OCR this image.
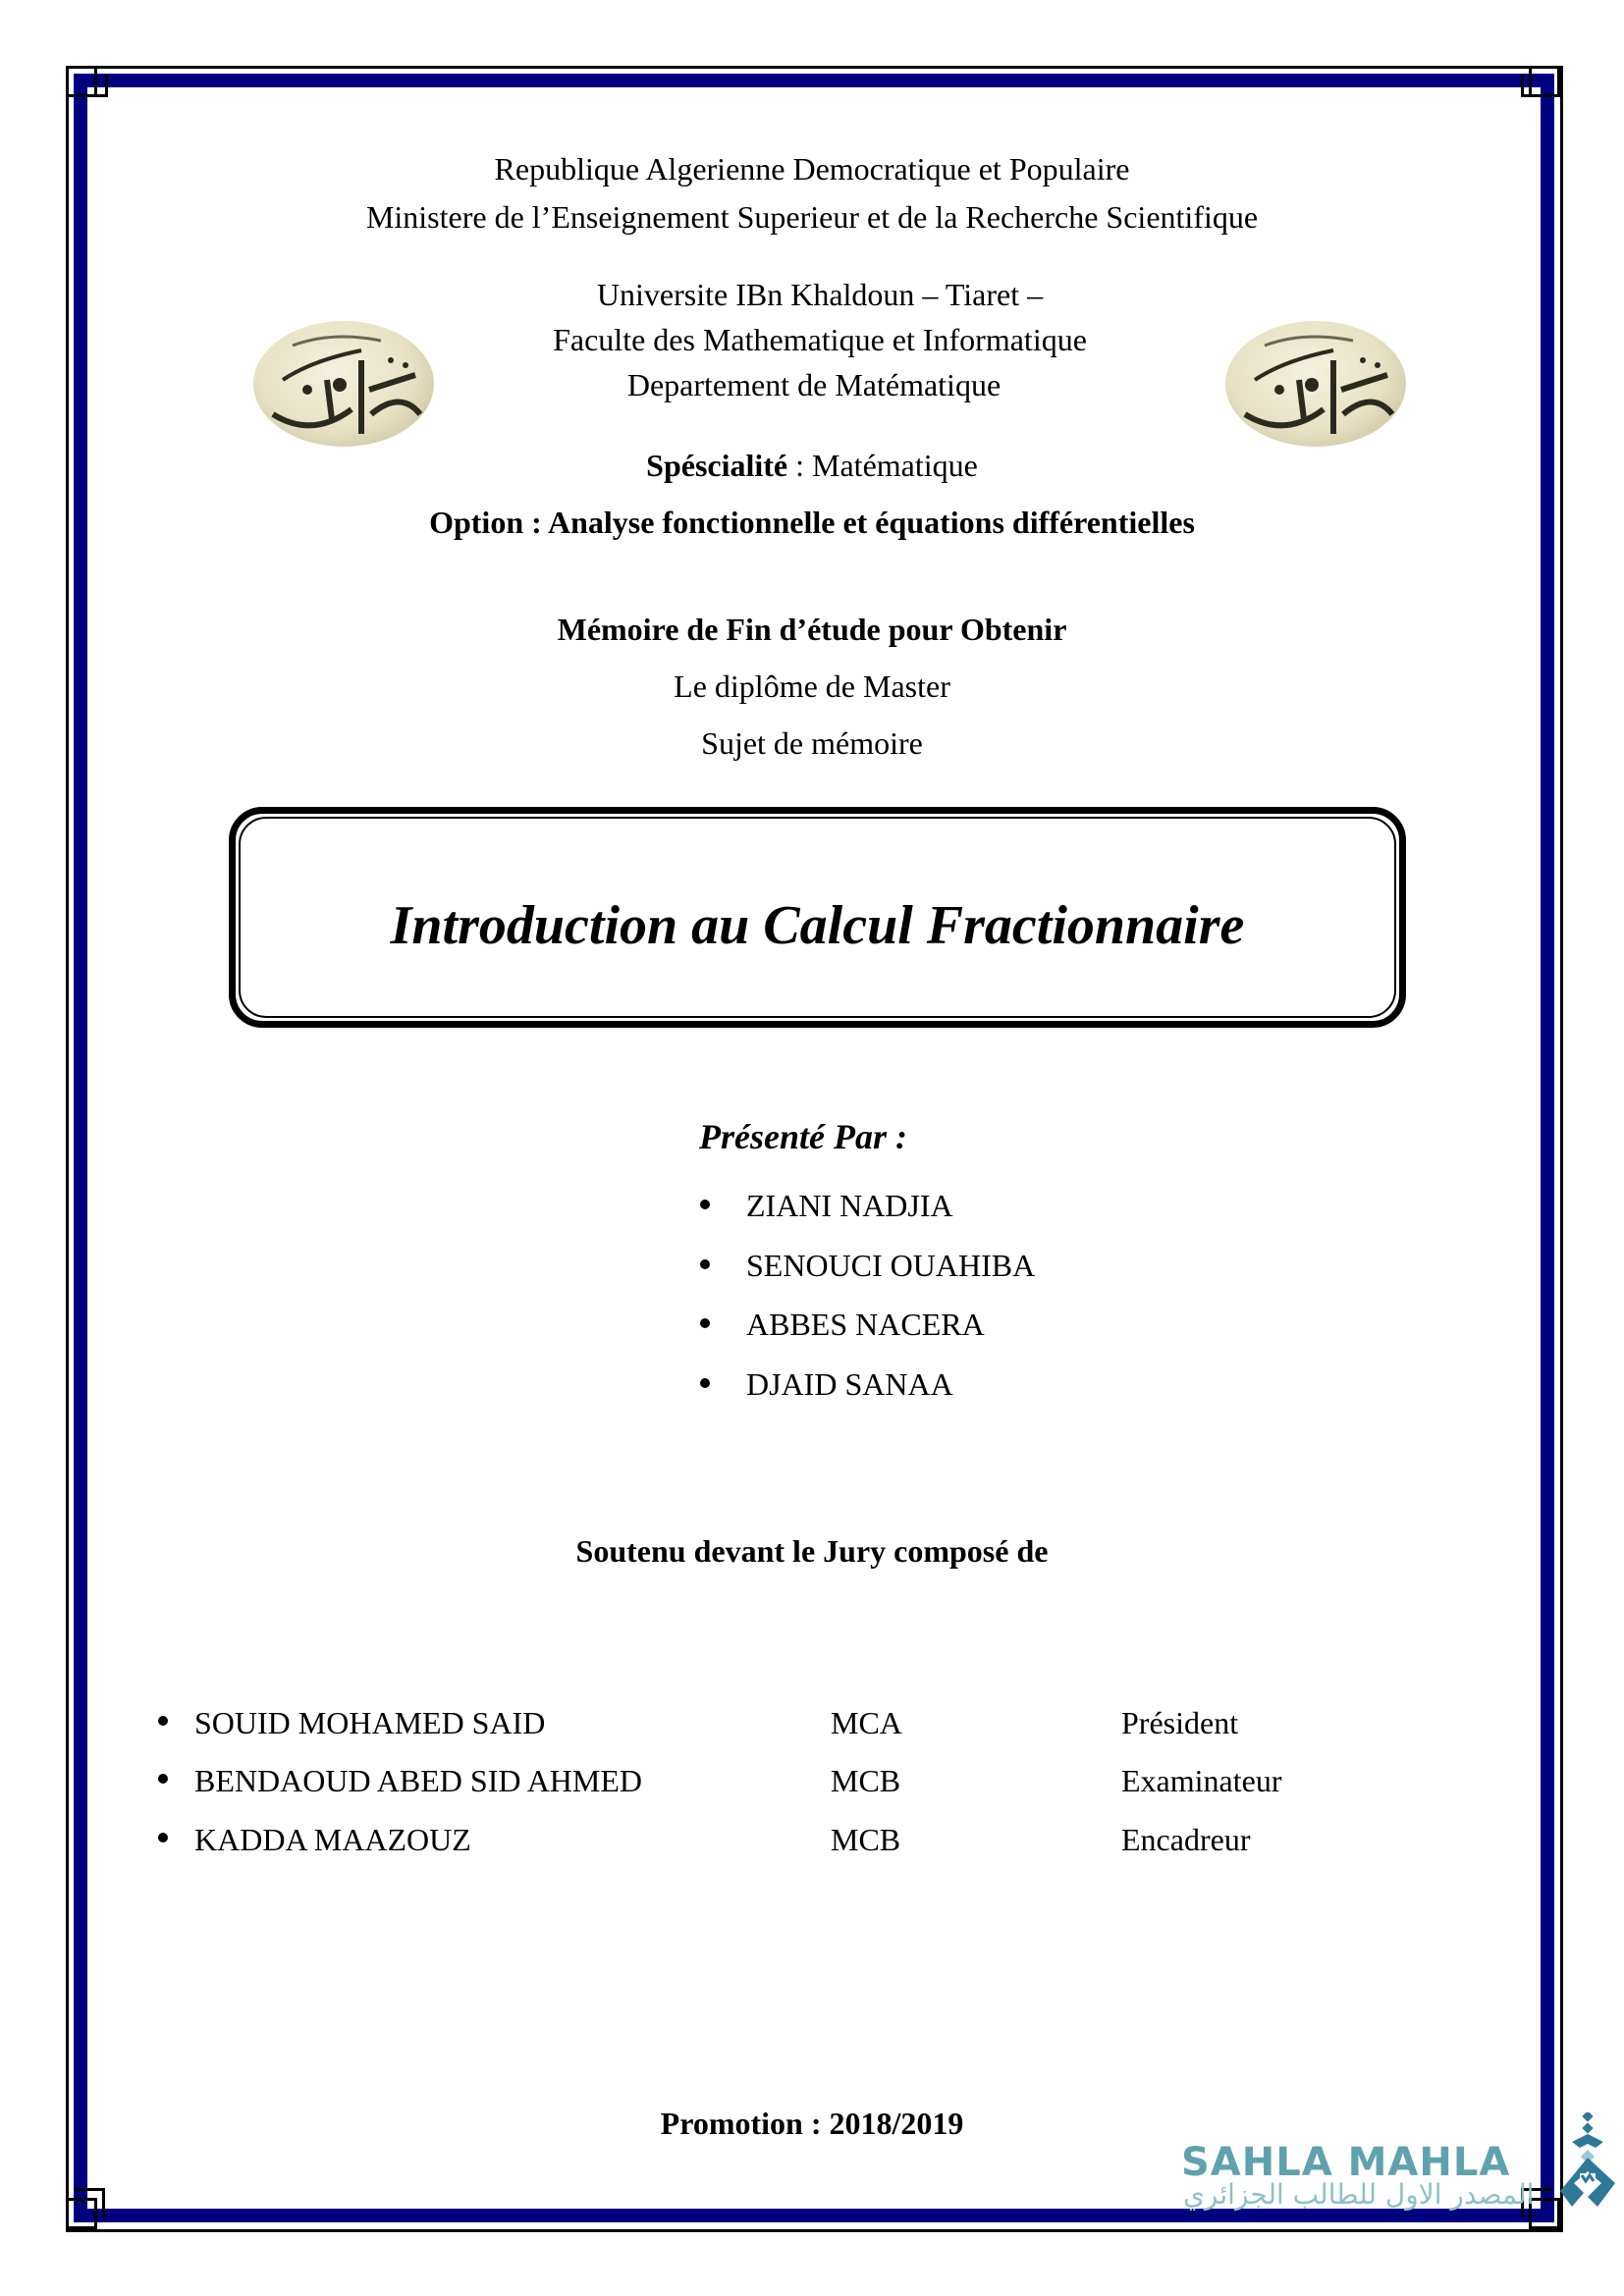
Republique Algerienne Democratique et Populaire
Ministere de l’Enseignement Superieur et de la Recherche Scientifique
Universite IBn Khaldoun – Tiaret –
Faculte des Mathematique et Informatique
Departement de Matématique
Spéscialité : Matématique
Option : Analyse fonctionnelle et équations différentielles
Mémoire de Fin d’étude pour Obtenir
Le diplôme de Master
Sujet de mémoire
Introduction au Calcul Fractionnaire
Présenté Par :
ZIANI NADJIA
SENOUCI OUAHIBA
ABBES NACERA
DJAID SANAA
Soutenu devant le Jury composé de
SOUID MOHAMED SAID	MCA	Président
BENDAOUD ABED SID AHMED	MCB	Examinateur
KADDA MAAZOUZ	MCB	Encadreur
Promotion : 2018/2019
SAHLA MAHLA
المصدر الاول للطالب الجزائري
